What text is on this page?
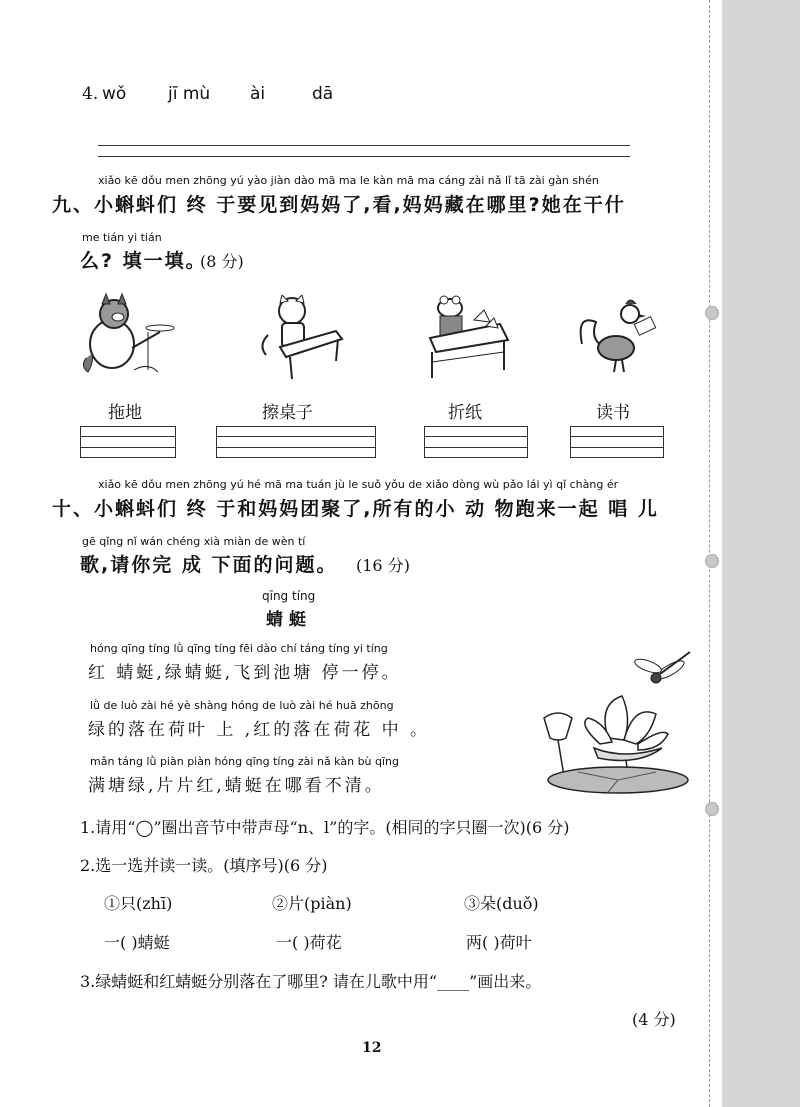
4. wǒ jī mù ài	dā
xiǎo kē dǒu men zhōng yú yào jiàn dào mā ma le kàn mā ma cáng zài nǎ lǐ tā zài gàn shén
九、小蝌蚪们 终 于要见到妈妈了,看,妈妈藏在哪里?她在干什
me tián yi tián
么? 填一填。
(8 分)
拖地	擦桌子	折纸	读书
xiǎo kē dǒu men zhōng yú hé mā ma tuán jù le suǒ yǒu de xiǎo dòng wù pǎo lái yì qǐ chàng ér
十、小蝌蚪们 终 于和妈妈团聚了,所有的小 动 物跑来一起 唱 儿
gē qǐng nǐ wán chéng xià miàn de wèn tí
歌,请你完 成 下面的问题。 (16 分)
qīng tíng
蜻 蜓
hóng qīng tíng lǜ qīng tíng fēi dào chí táng tíng yi tíng
红 蜻蜓,绿蜻蜓,飞到池塘 停一停。
lǜ de luò zài hé yè shàng hóng de luò zài hé huā zhōng
绿的落在荷叶 上 ,红的落在荷花 中 。
mǎn táng lǜ piàn piàn hóng qīng tíng zài nǎ kàn bù qīng
满塘绿,片片红,蜻蜓在哪看不清。
1.请用“◯”圈出音节中带声母“n、l”的字。(相同的字只圈一次)(6 分)
2.选一选并读一读。(填序号)(6 分)
①只(zhī)	②片(piàn)	③朵(duǒ)
一( )蜻蜓	一( )荷花	两( )荷叶
3.绿蜻蜓和红蜻蜓分别落在了哪里? 请在儿歌中用“____”画出来。
(4 分)
12
